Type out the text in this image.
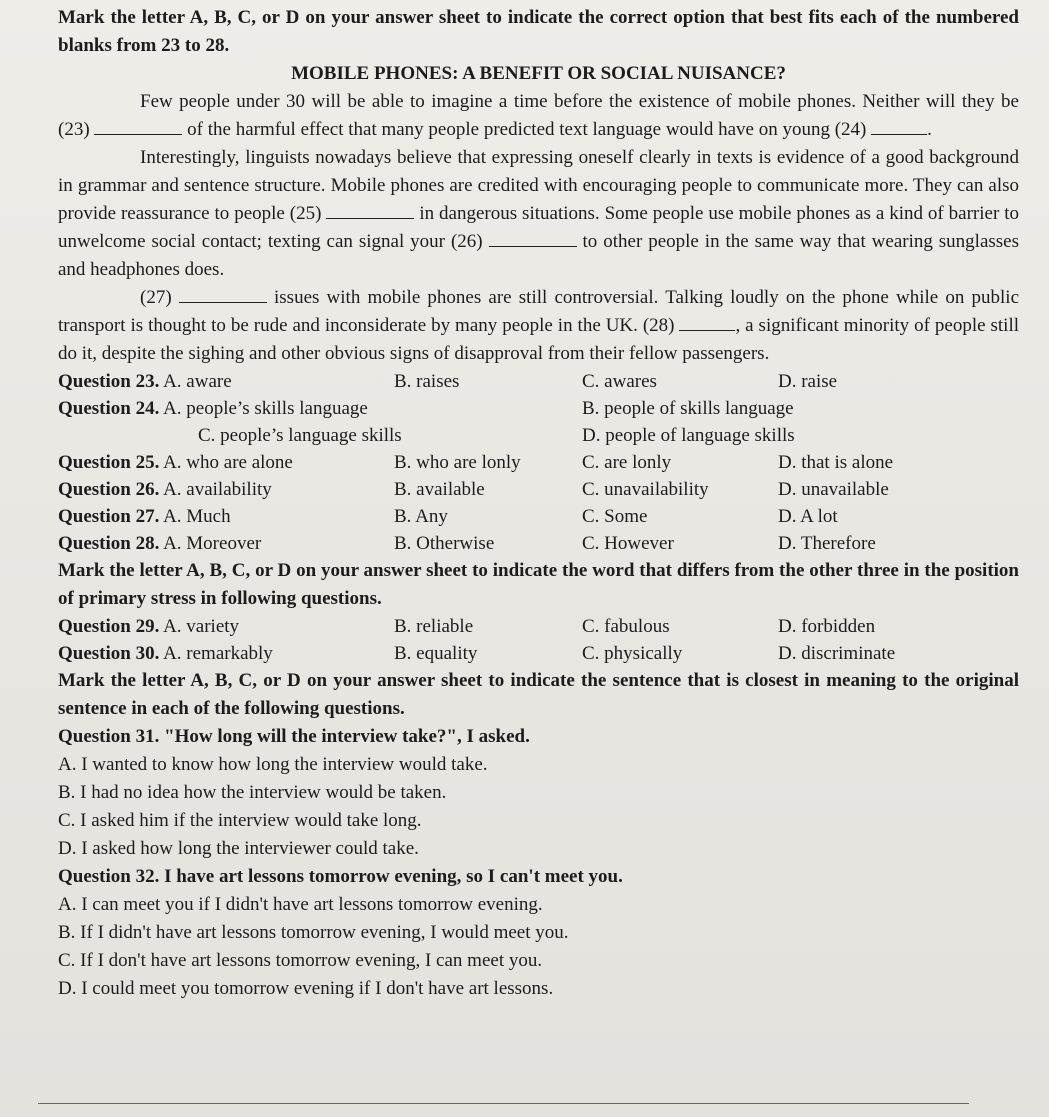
Mark the letter A, B, C, or D on your answer sheet to indicate the correct option that best fits each of the numbered blanks from 23 to 28.

MOBILE PHONES: A BENEFIT OR SOCIAL NUISANCE?

Few people under 30 will be able to imagine a time before the existence of mobile phones. Neither will they be (23)	of the harmful effect that many people predicted text language would have on young (24)	.

Interestingly, linguists nowadays believe that expressing oneself clearly in texts is evidence of a good background in grammar and sentence structure. Mobile phones are credited with encouraging people to communicate more. They can also provide reassurance to people (25)	in dangerous situations. Some people use mobile phones as a kind of barrier to unwelcome social contact; texting can signal your (26)	to other people in the same way that wearing sunglasses and headphones does.

(27)	issues with mobile phones are still controversial. Talking loudly on the phone while on public transport is thought to be rude and inconsiderate by many people in the UK. (28)	, a significant minority of people still do it, despite the sighing and other obvious signs of disapproval from their fellow passengers.

Question 23. A. aware	B. raises	C. awares	D. raise
Question 24. A. people’s skills language	B. people of skills language
C. people’s language skills	D. people of language skills
Question 25. A. who are alone	B. who are lonly	C. are lonly	D. that is alone
Question 26. A. availability	B. available	C. unavailability	D. unavailable
Question 27. A. Much	B. Any	C. Some	D. A lot
Question 28. A. Moreover	B. Otherwise	C. However	D. Therefore

Mark the letter A, B, C, or D on your answer sheet to indicate the word that differs from the other three in the position of primary stress in following questions.

Question 29. A. variety	B. reliable	C. fabulous	D. forbidden
Question 30. A. remarkably	B. equality	C. physically	D. discriminate

Mark the letter A, B, C, or D on your answer sheet to indicate the sentence that is closest in meaning to the original sentence in each of the following questions.

Question 31. "How long will the interview take?", I asked.

A. I wanted to know how long the interview would take.

B. I had no idea how the interview would be taken.

C. I asked him if the interview would take long.

D. I asked how long the interviewer could take.

Question 32. I have art lessons tomorrow evening, so I can't meet you.

A. I can meet you if I didn't have art lessons tomorrow evening.

B. If I didn't have art lessons tomorrow evening, I would meet you.

C. If I don't have art lessons tomorrow evening, I can meet you.

D. I could meet you tomorrow evening if I don't have art lessons.
